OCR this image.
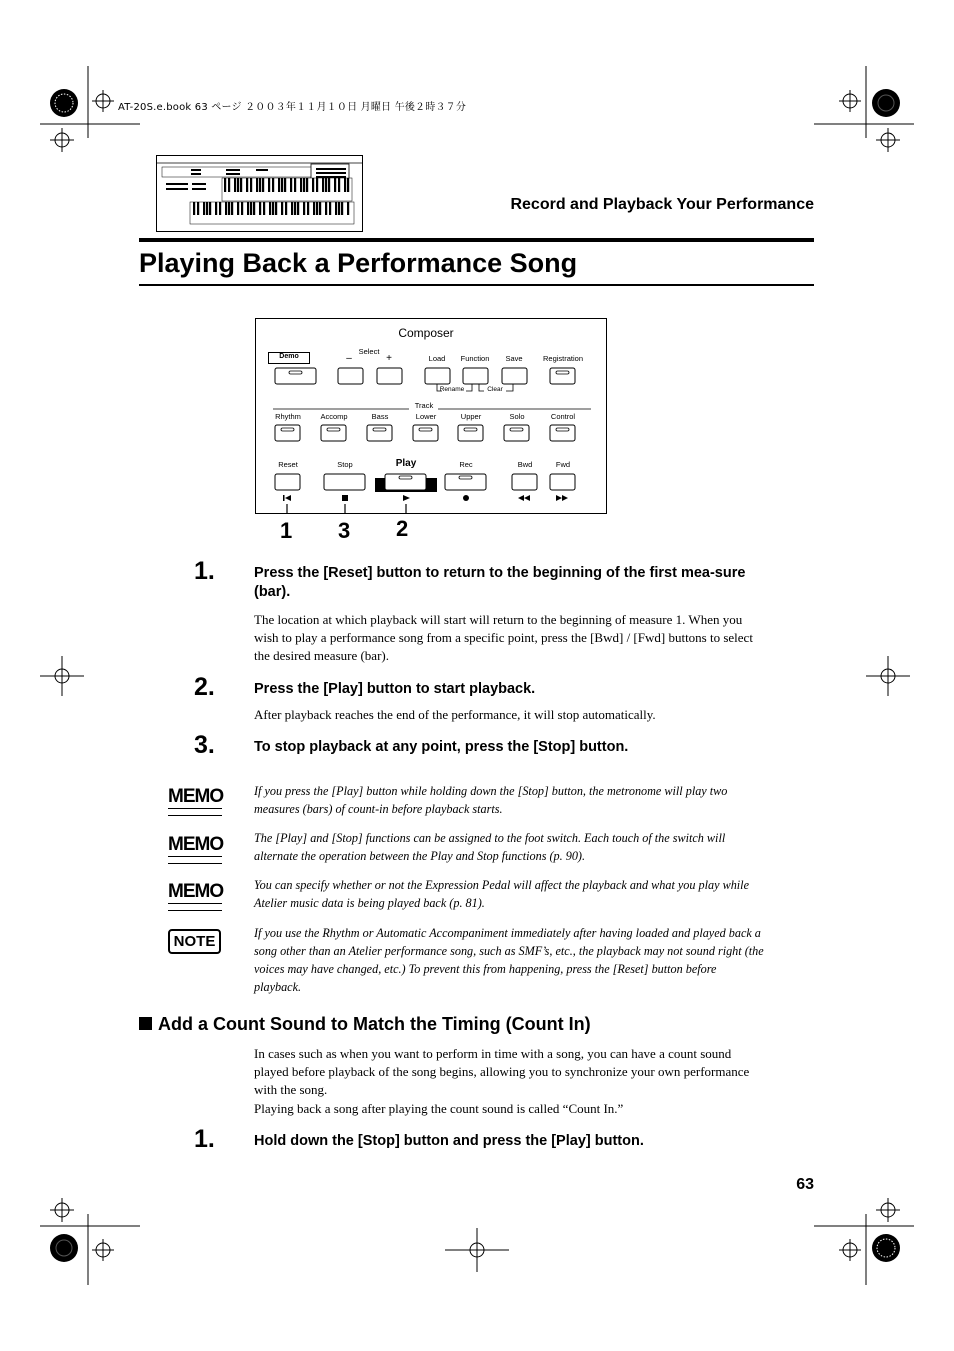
AT-20S.e.book 63 ページ ２００３年１１月１０日 月曜日 午後２時３７分
Record and Playback Your Performance
Playing Back a Performance Song
Composer
Demo
Select
–	+	Load	Function	Save	Registration
Rename	Clear
Track
Rhythm	Accomp	Bass	Lower	Upper	Solo	Control
Reset	Stop	Play	Rec	Bwd	Fwd
1 3 2
1.	Press the [Reset] button to return to the beginning of the first mea-sure (bar).
The location at which playback will start will return to the beginning of measure 1. When you wish to play a performance song from a specific point, press the [Bwd] / [Fwd] buttons to select the desired measure (bar).
2.	Press the [Play] button to start playback.
After playback reaches the end of the performance, it will stop automatically.
3.	To stop playback at any point, press the [Stop] button.
MEMO	If you press the [Play] button while holding down the [Stop] button, the metronome will play two measures (bars) of count-in before playback starts.
MEMO	The [Play] and [Stop] functions can be assigned to the foot switch. Each touch of the switch will alternate the operation between the Play and Stop functions (p. 90).
MEMO	You can specify whether or not the Expression Pedal will affect the playback and what you play while Atelier music data is being played back (p. 81).
NOTE	If you use the Rhythm or Automatic Accompaniment immediately after having loaded and played back a song other than an Atelier performance song, such as SMF’s, etc., the playback may not sound right (the voices may have changed, etc.) To prevent this from happening, press the [Reset] button before playback.
Add a Count Sound to Match the Timing (Count In)
In cases such as when you want to perform in time with a song, you can have a count sound played before playback of the song begins, allowing you to synchronize your own performance with the song.
Playing back a song after playing the count sound is called “Count In.”
1.	Hold down the [Stop] button and press the [Play] button.
63
